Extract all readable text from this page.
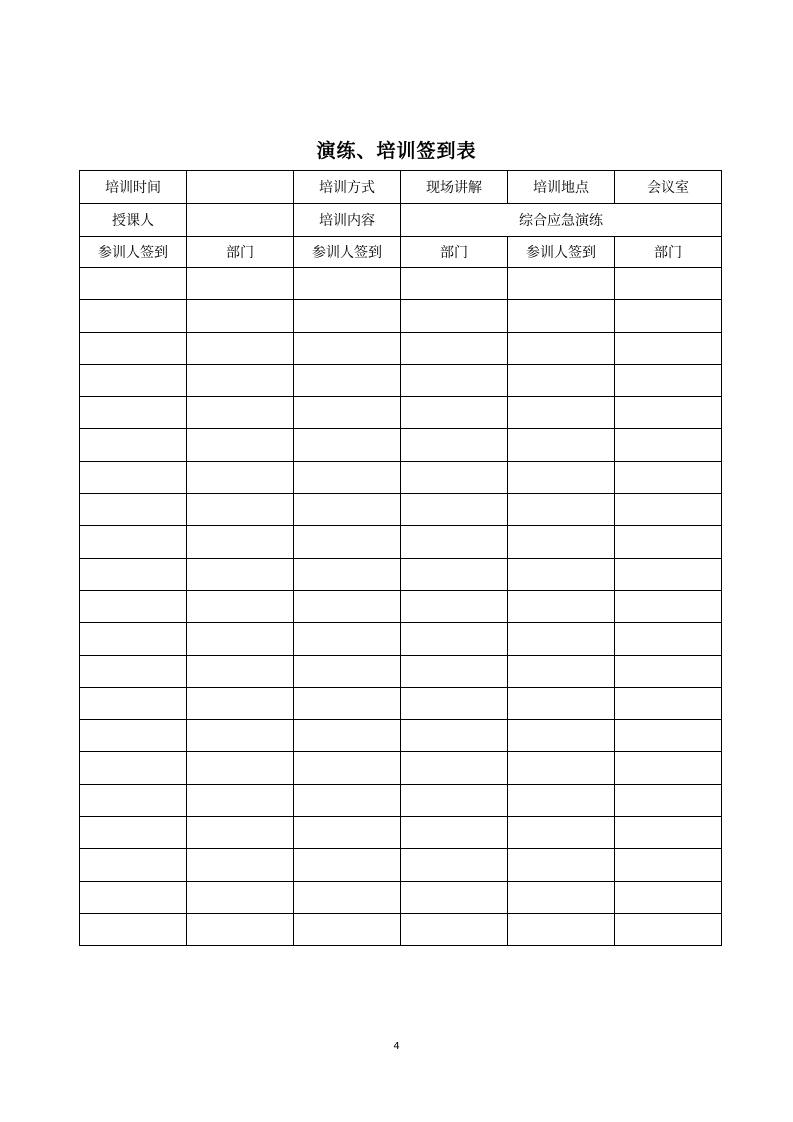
演练、培训签到表
培训时间		培训方式	现场讲解	培训地点	会议室
授课人		培训内容	综合应急演练		
参训人签到	部门	参训人签到	部门	参训人签到	部门

4
